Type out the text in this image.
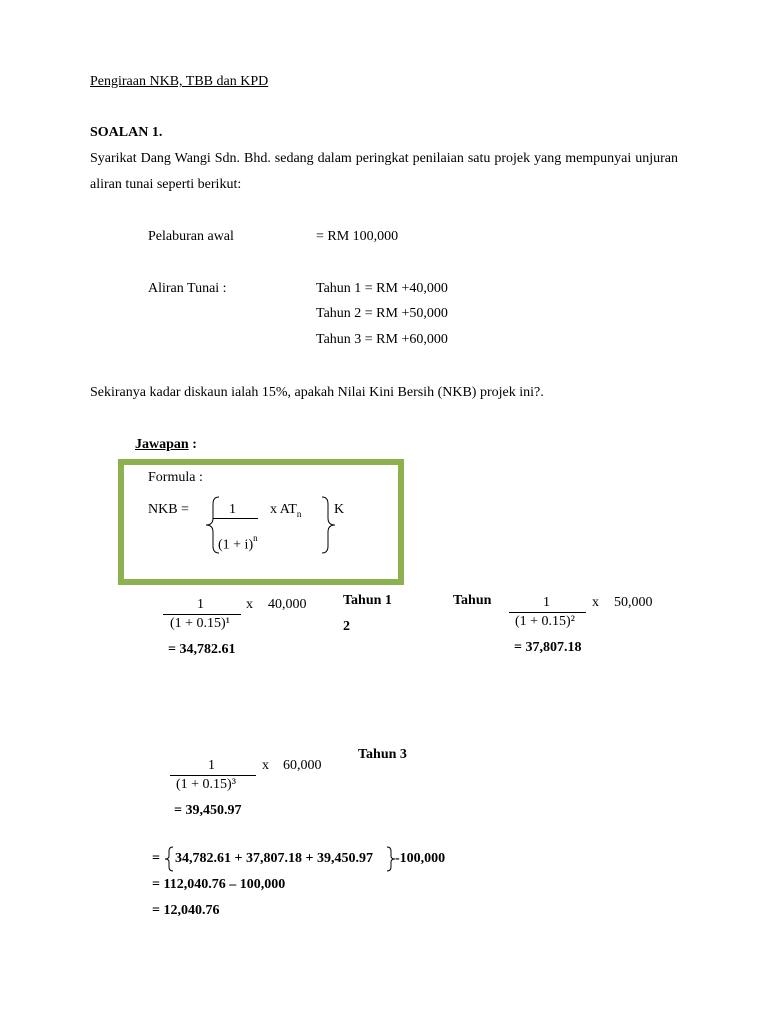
Pengiraan NKB, TBB dan KPD
SOALAN 1.
Syarikat Dang Wangi Sdn. Bhd. sedang dalam peringkat penilaian satu projek yang mempunyai unjuran aliran tunai seperti berikut:
Pelaburan awal	= RM 100,000
Aliran Tunai :	Tahun 1 = RM +40,000
Tahun 2 = RM +50,000
Tahun 3 = RM +60,000
Sekiranya kadar diskaun ialah 15%, apakah Nilai Kini Bersih (NKB) projek ini?.
Jawapan :
Formula :
NKB =	1
$(1 + i)^n$
x $AT_n$ K
1
(1 + 0.15)¹
x 40,000	Tahun 1
2
= 34,782.61
Tahun	1
(1 + 0.15)²
x 50,000
= 37,807.18
1
(1 + 0.15)³
x 60,000
Tahun 3
= 39,450.97
= 34,782.61 + 37,807.18 + 39,450.97 -100,000
= 112,040.76 – 100,000
= 12,040.76
